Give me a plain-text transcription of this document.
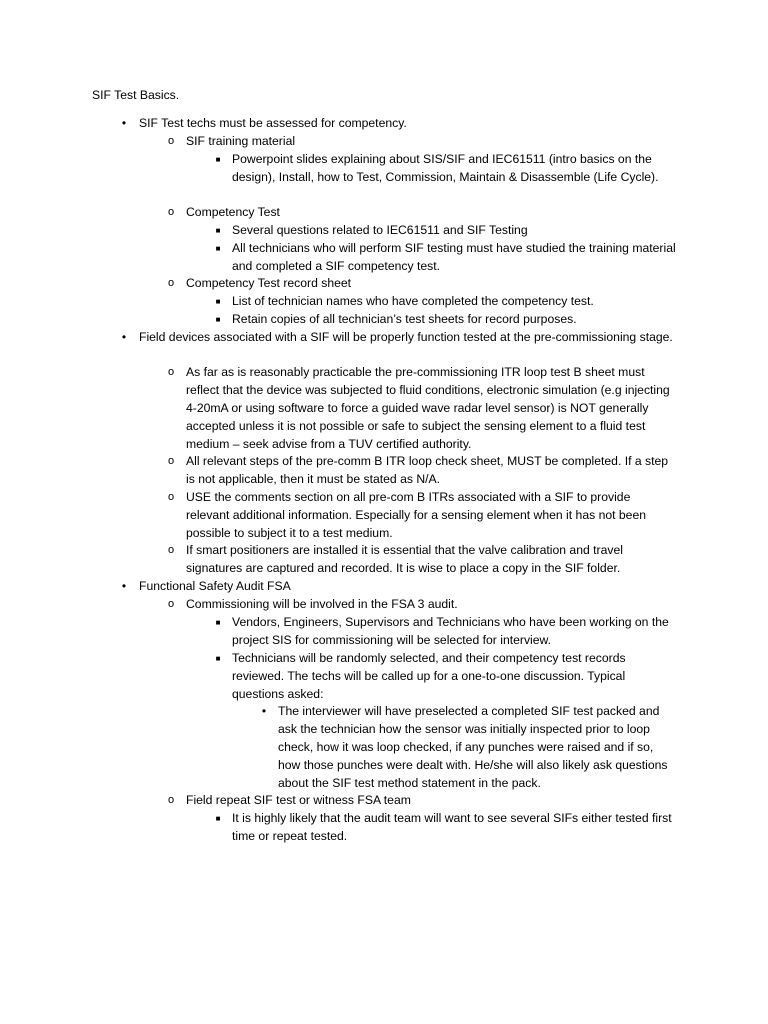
SIF Test Basics.
•	SIF Test techs must be assessed for competency.
o SIF training material
■ Powerpoint slides explaining about SIS/SIF and IEC61511 (intro basics on the design), Install, how to Test, Commission, Maintain & Disassemble (Life Cycle).
o Competency Test
■ Several questions related to IEC61511 and SIF Testing
■ All technicians who will perform SIF testing must have studied the training material and completed a SIF competency test.
o Competency Test record sheet
■ List of technician names who have completed the competency test.
■ Retain copies of all technician’s test sheets for record purposes.
•	Field devices associated with a SIF will be properly function tested at the pre-commissioning stage.
o As far as is reasonably practicable the pre-commissioning ITR loop test B sheet must reflect that the device was subjected to fluid conditions, electronic simulation (e.g injecting 4-20mA or using software to force a guided wave radar level sensor) is NOT generally accepted unless it is not possible or safe to subject the sensing element to a fluid test medium – seek advise from a TUV certified authority.
o All relevant steps of the pre-comm B ITR loop check sheet, MUST be completed. If a step is not applicable, then it must be stated as N/A.
o USE the comments section on all pre-com B ITRs associated with a SIF to provide relevant additional information. Especially for a sensing element when it has not been possible to subject it to a test medium.
o If smart positioners are installed it is essential that the valve calibration and travel signatures are captured and recorded. It is wise to place a copy in the SIF folder.
•	Functional Safety Audit FSA
o Commissioning will be involved in the FSA 3 audit.
■ Vendors, Engineers, Supervisors and Technicians who have been working on the project SIS for commissioning will be selected for interview.
■ Technicians will be randomly selected, and their competency test records reviewed. The techs will be called up for a one-to-one discussion. Typical questions asked:
• The interviewer will have preselected a completed SIF test packed and ask the technician how the sensor was initially inspected prior to loop check, how it was loop checked, if any punches were raised and if so, how those punches were dealt with. He/she will also likely ask questions about the SIF test method statement in the pack.
o Field repeat SIF test or witness FSA team
■ It is highly likely that the audit team will want to see several SIFs either tested first time or repeat tested.
